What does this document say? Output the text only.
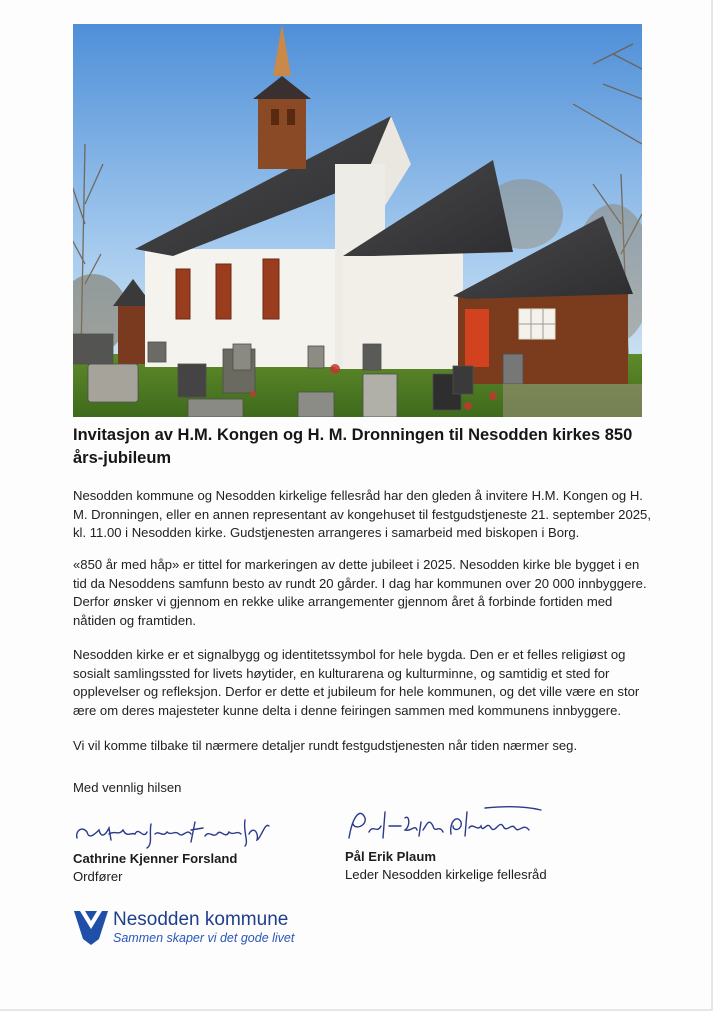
Invitasjon av H.M. Kongen og H. M. Dronningen til Nesodden kirkes 850 års-jubileum

Nesodden kommune og Nesodden kirkelige fellesråd har den gleden å invitere H.M. Kongen og H. M. Dronningen, eller en annen representant av kongehuset til festgudstjeneste 21. september 2025, kl. 11.00 i Nesodden kirke. Gudstjenesten arrangeres i samarbeid med biskopen i Borg.

«850 år med håp» er tittel for markeringen av dette jubileet i 2025. Nesodden kirke ble bygget i en tid da Nesoddens samfunn besto av rundt 20 gårder. I dag har kommunen over 20 000 innbyggere. Derfor ønsker vi gjennom en rekke ulike arrangementer gjennom året å forbinde fortiden med nåtiden og framtiden.

Nesodden kirke er et signalbygg og identitetssymbol for hele bygda. Den er et felles religiøst og sosialt samlingssted for livets høytider, en kulturarena og kulturminne, og samtidig et sted for opplevelser og refleksjon. Derfor er dette et jubileum for hele kommunen, og det ville være en stor ære om deres majesteter kunne delta i denne feiringen sammen med kommunens innbyggere.

Vi vil komme tilbake til nærmere detaljer rundt festgudstjenesten når tiden nærmer seg.

Med vennlig hilsen

Cathrine Kjenner Forsland
Ordfører
Pål Erik Plaum
Leder Nesodden kirkelige fellesråd
Nesodden kommune
Sammen skaper vi det gode livet
